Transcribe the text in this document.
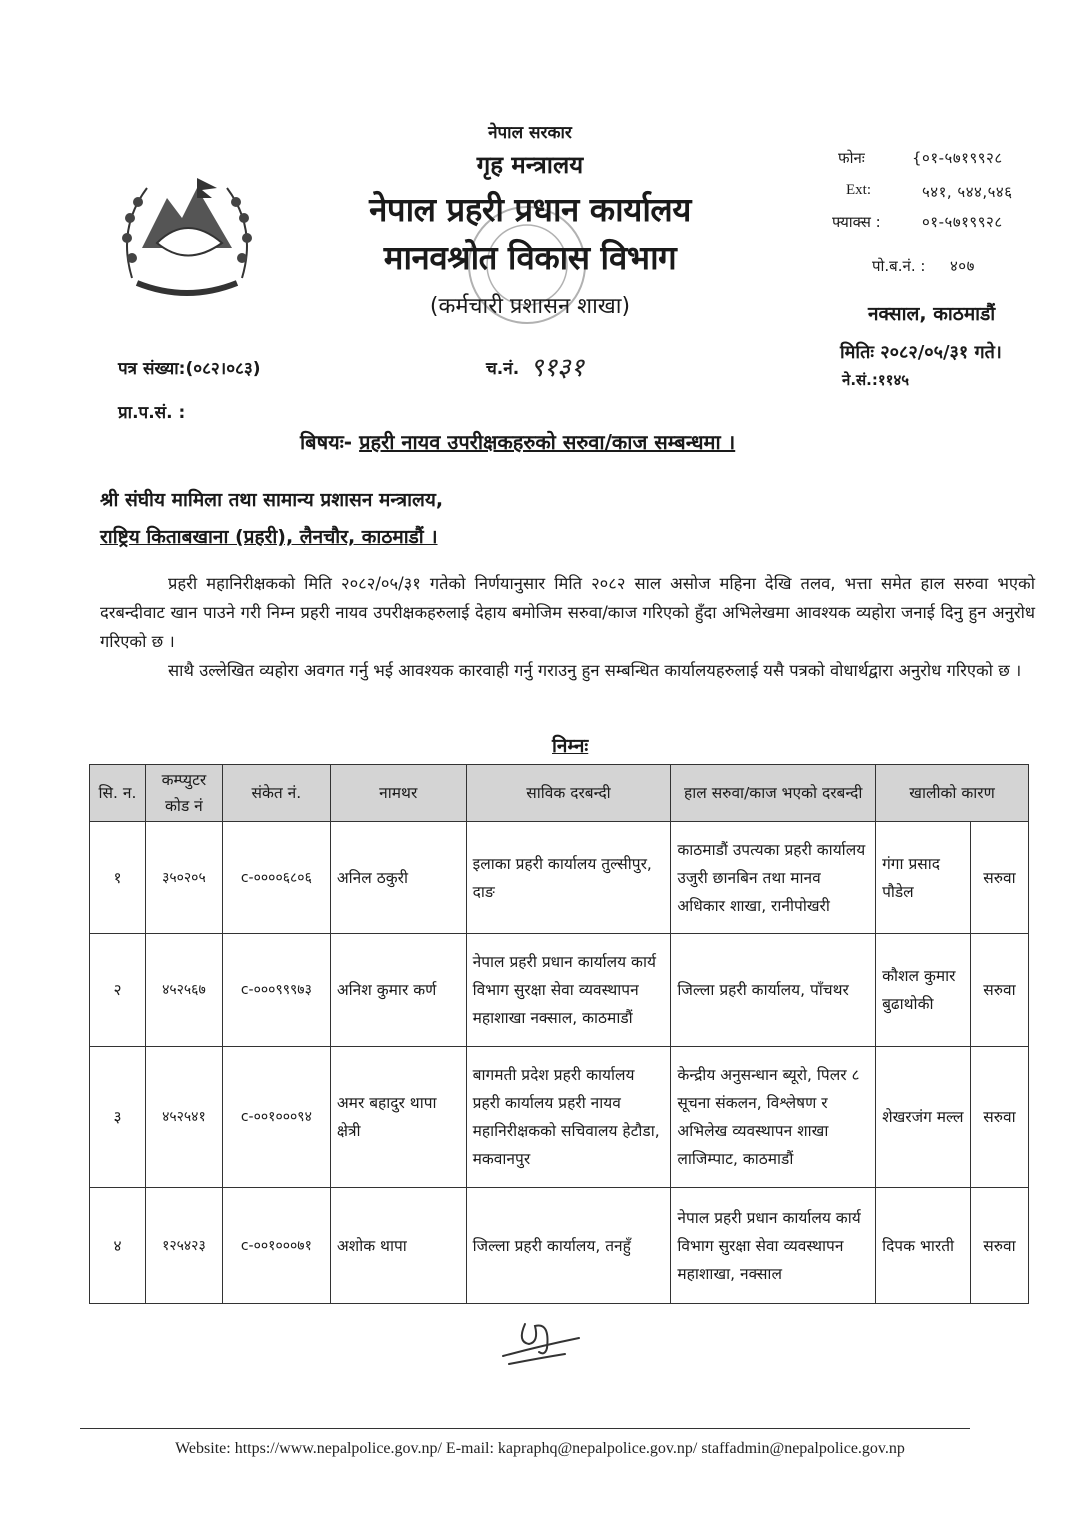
नेपाल सरकार
गृह मन्त्रालय
नेपाल प्रहरी प्रधान कार्यालय
मानवश्रोत विकास विभाग
(कर्मचारी प्रशासन शाखा)
फोनः	{०१-५७१९९२८
Ext:	५४१, ५४४,५४६
फ्याक्स :	०१-५७१९९२८
पो.ब.नं. : ४०७
नक्साल, काठमाडौं
पत्र संख्या:(०८२।०८३)	च.नं. ९१३१
मितिः २०८२/०५/३१ गते।
ने.सं.:११४५
प्रा.प.सं. :
बिषयः- प्रहरी नायव उपरीक्षकहरुको सरुवा/काज सम्बन्धमा ।
श्री संघीय मामिला तथा सामान्य प्रशासन मन्त्रालय,
राष्ट्रिय किताबखाना (प्रहरी), लैनचौर, काठमाडौं ।
प्रहरी महानिरीक्षकको मिति २०८२/०५/३१ गतेको निर्णयानुसार मिति २०८२ साल असोज महिना देखि तलव, भत्ता समेत हाल सरुवा भएको दरबन्दीवाट खान पाउने गरी निम्न प्रहरी नायव उपरीक्षकहरुलाई देहाय बमोजिम सरुवा/काज गरिएको हुँदा अभिलेखमा आवश्यक व्यहोरा जनाई दिनु हुन अनुरोध गरिएको छ ।
साथै उल्लेखित व्यहोरा अवगत गर्नु भई आवश्यक कारवाही गर्नु गराउनु हुन सम्बन्धित कार्यालयहरुलाई यसै पत्रको वोधार्थद्वारा अनुरोध गरिएको छ ।
निम्नः
सि. न.	कम्प्युटर कोड नं	संकेत नं.	नामथर	साविक दरबन्दी	हाल सरुवा/काज भएको दरबन्दी	खालीको कारण	
१	३५०२०५	c-००००६८०६	अनिल ठकुरी	इलाका प्रहरी कार्यालय तुल्सीपुर, दाङ	काठमाडौं उपत्यका प्रहरी कार्यालय उजुरी छानबिन तथा मानव अधिकार शाखा, रानीपोखरी	गंगा प्रसाद पौडेल	सरुवा
२	४५२५६७	c-०००९९९७३	अनिश कुमार कर्ण	नेपाल प्रहरी प्रधान कार्यालय कार्य विभाग सुरक्षा सेवा व्यवस्थापन महाशाखा नक्साल, काठमाडौं	जिल्ला प्रहरी कार्यालय, पाँचथर	कौशल कुमार बुढाथोकी	सरुवा
३	४५२५४१	c-००१०००९४	अमर बहादुर थापा क्षेत्री	बागमती प्रदेश प्रहरी कार्यालय प्रहरी कार्यालय प्रहरी नायव महानिरीक्षकको सचिवालय हेटौडा, मकवानपुर	केन्द्रीय अनुसन्धान ब्यूरो, पिलर ८ सूचना संकलन, विश्लेषण र अभिलेख व्यवस्थापन शाखा लाजिम्पाट, काठमाडौं	शेखरजंग मल्ल	सरुवा
४	१२५४२३	c-००१०००७१	अशोक थापा	जिल्ला प्रहरी कार्यालय, तनहुँ	नेपाल प्रहरी प्रधान कार्यालय कार्य विभाग सुरक्षा सेवा व्यवस्थापन महाशाखा, नक्साल	दिपक भारती	सरुवा
Website: https://www.nepalpolice.gov.np/ E-mail: kapraphq@nepalpolice.gov.np/ staffadmin@nepalpolice.gov.np
